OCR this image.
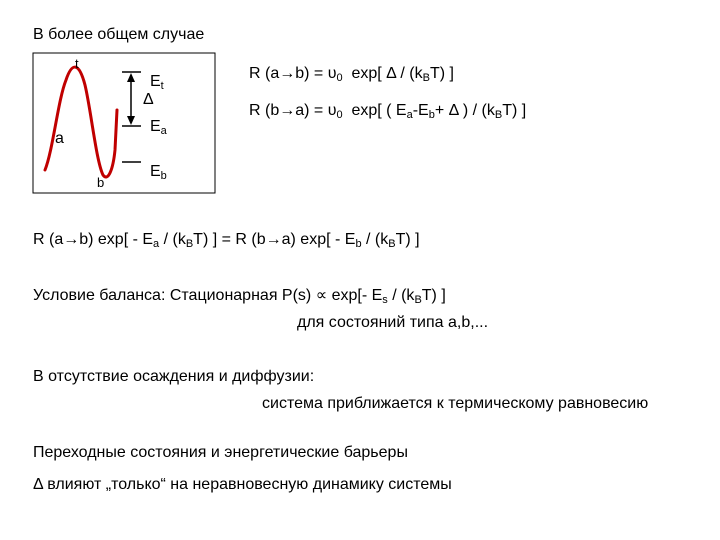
В более общем случае
t
a
b
Δ
$E_t$
$E_a$
$E_b$
R $(a\to b) = \upsilon_0$ exp[ Δ / $(k_BT)$ ]
R $(b\to a) = \upsilon_0$ exp[ ( $E_a-E_b+ \Delta$ ) / $(k_BT)$ ]
R (a→b) $\exp[ - E_a / (k_BT)$ ] = R (b→a) $\exp[ - E_b / (k_BT)$ ]
Условие баланса: Стационарная P(s) ∝ exp[- $E_s / (k_BT)$ ]
для состояний типа a,b,...
В отсутствие осаждения и диффузии:
система приближается к термическому равновесию
Переходные состояния и энергетические барьеры
Δ влияют „только“ на неравновесную динамику системы
